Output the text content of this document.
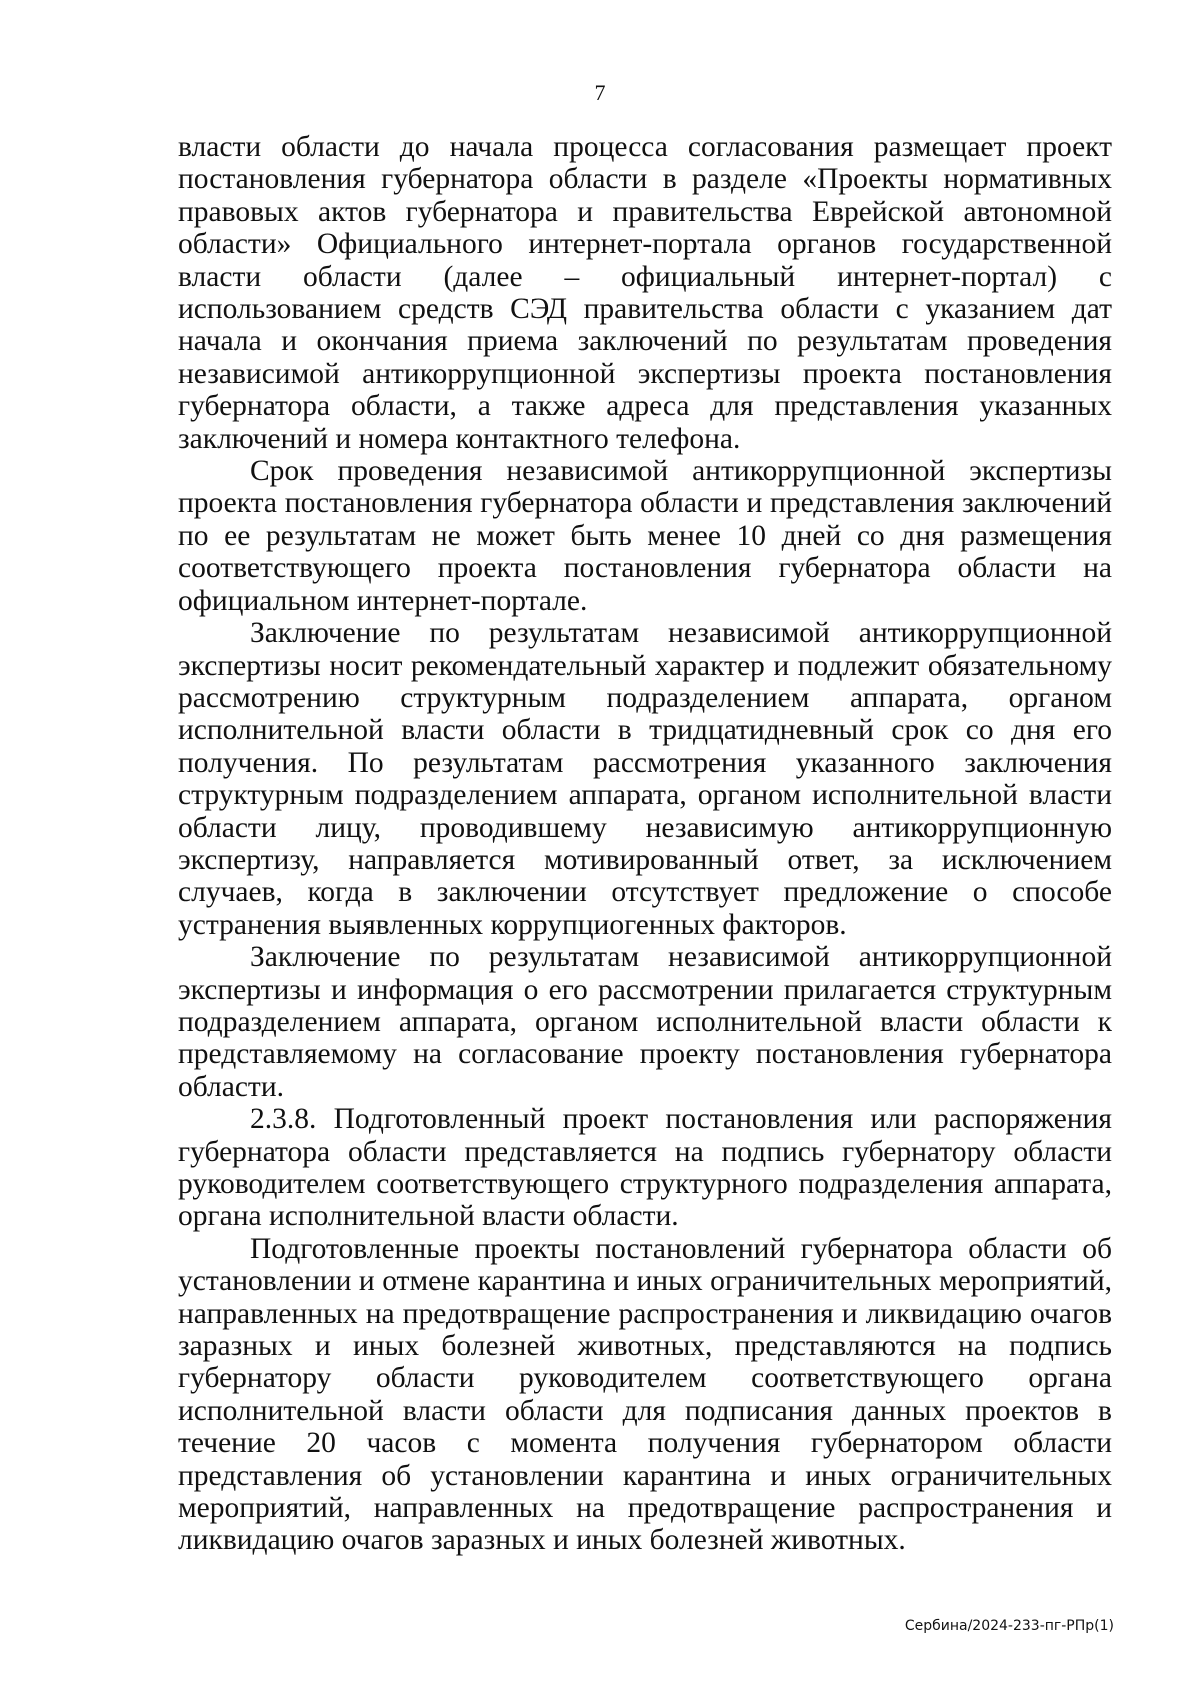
7

власти области до начала процесса согласования размещает проект постановления губернатора области в разделе «Проекты нормативных правовых актов губернатора и правительства Еврейской автономной области» Официального интернет-портала органов государственной власти области (далее – официальный интернет-портал) с использованием средств СЭД правительства области с указанием дат начала и окончания приема заключений по результатам проведения независимой антикоррупционной экспертизы проекта постановления губернатора области, а также адреса для представления указанных заключений и номера контактного телефона.

Срок проведения независимой антикоррупционной экспертизы проекта постановления губернатора области и представления заключений по ее результатам не может быть менее 10 дней со дня размещения соответствующего проекта постановления губернатора области на официальном интернет-портале.

Заключение по результатам независимой антикоррупционной экспертизы носит рекомендательный характер и подлежит обязательному рассмотрению структурным подразделением аппарата, органом исполнительной власти области в тридцатидневный срок со дня его получения. По результатам рассмотрения указанного заключения структурным подразделением аппарата, органом исполнительной власти области лицу, проводившему независимую антикоррупционную экспертизу, направляется мотивированный ответ, за исключением случаев, когда в заключении отсутствует предложение о способе устранения выявленных коррупциогенных факторов.

Заключение по результатам независимой антикоррупционной экспертизы и информация о его рассмотрении прилагается структурным подразделением аппарата, органом исполнительной власти области к представляемому на согласование проекту постановления губернатора области.

2.3.8. Подготовленный проект постановления или распоряжения губернатора области представляется на подпись губернатору области руководителем соответствующего структурного подразделения аппарата, органа исполнительной власти области.

Подготовленные проекты постановлений губернатора области об установлении и отмене карантина и иных ограничительных мероприятий, направленных на предотвращение распространения и ликвидацию очагов заразных и иных болезней животных, представляются на подпись губернатору области руководителем соответствующего органа исполнительной власти области для подписания данных проектов в течение 20 часов с момента получения губернатором области представления об установлении карантина и иных ограничительных мероприятий, направленных на предотвращение распространения и ликвидацию очагов заразных и иных болезней животных.

Сербина/2024-233-пг-РПр(1)
